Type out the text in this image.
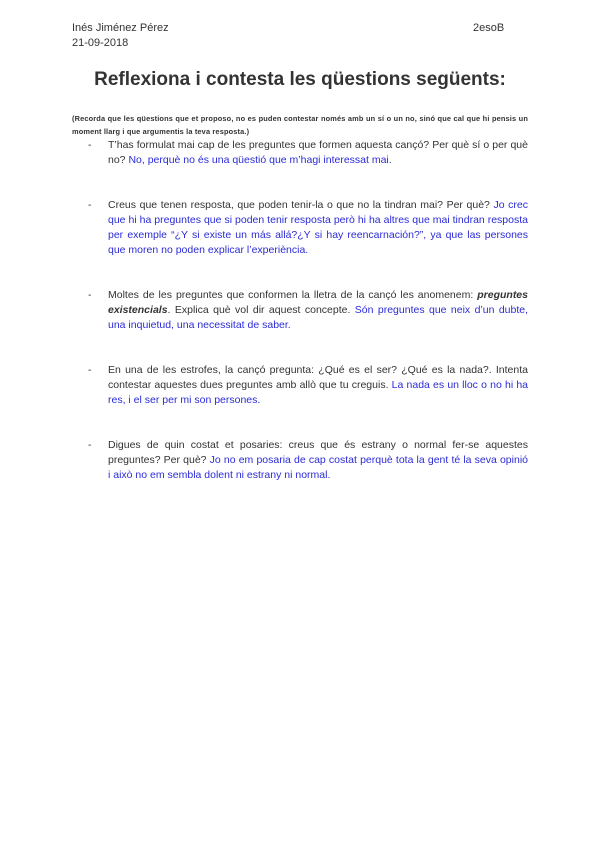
Inés Jiménez Pérez
21-09-2018
2esoB
Reflexiona i contesta les qüestions següents:
(Recorda que les qüestions que et proposo, no es puden contestar només amb un sí o un no, sinó que cal que hi pensis un moment llarg i que argumentis la teva resposta.)
- T’has formulat mai cap de les preguntes que formen aquesta cançó? Per què sí o per què no? No, perquè no és una qüestió que m’hagi interessat mai.
- Creus que tenen resposta, que poden tenir-la o que no la tindran mai? Per què? Jo crec que hi ha preguntes que si poden tenir resposta però hi ha altres que mai tindran resposta per exemple “¿Y si existe un más allá?¿Y si hay reencarnación?”, ya que las persones que moren no poden explicar l’experiència.
- Moltes de les preguntes que conformen la lletra de la cançó les anomenem: preguntes existencials. Explica què vol dir aquest concepte. Són preguntes que neix d’un dubte, una inquietud, una necessitat de saber.
- En una de les estrofes, la cançó pregunta: ¿Qué es el ser? ¿Qué es la nada?. Intenta contestar aquestes dues preguntes amb allò que tu creguis. La nada es un lloc o no hi ha res, i el ser per mi son persones.
- Digues de quin costat et posaries: creus que és estrany o normal fer-se aquestes preguntes? Per què? Jo no em posaria de cap costat perquè tota la gent té la seva opinió i això no em sembla dolent ni estrany ni normal.
